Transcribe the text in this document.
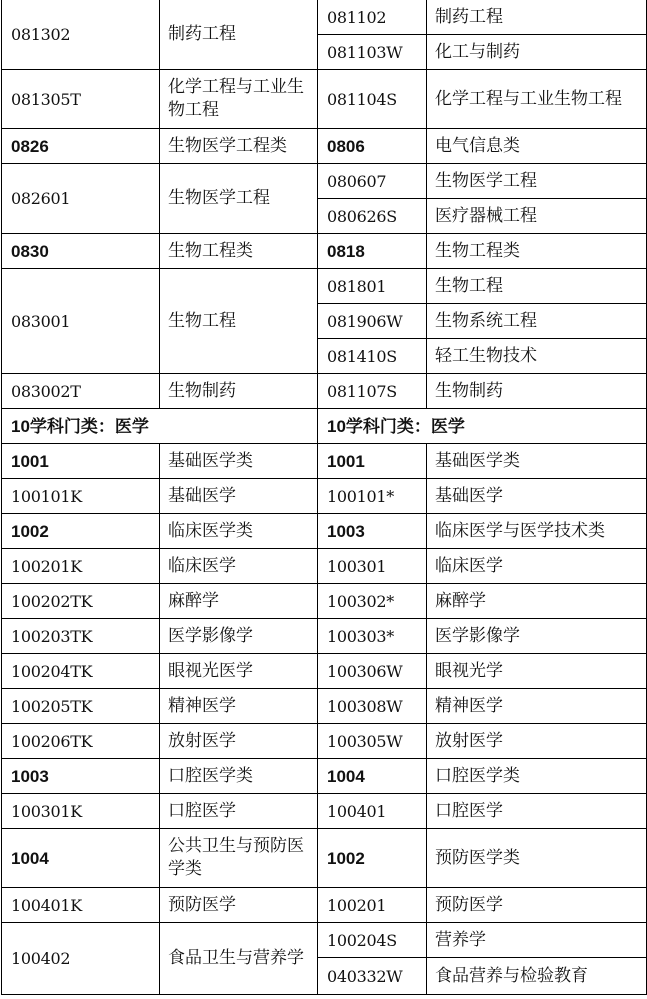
081302	制药工程	081102	制药工程
		081103W	化工与制药
081305T	化学工程与工业生物工程	081104S	化学工程与工业生物工程
0826	生物医学工程类	0806	电气信息类
082601	生物医学工程	080607	生物医学工程
		080626S	医疗器械工程
0830	生物工程类	0818	生物工程类
083001	生物工程	081801	生物工程
		081906W	生物系统工程
		081410S	轻工生物技术
083002T	生物制药	081107S	生物制药
10学科门类：医学		10学科门类：医学	
1001	基础医学类	1001	基础医学类
100101K	基础医学	100101*	基础医学
1002	临床医学类	1003	临床医学与医学技术类
100201K	临床医学	100301	临床医学
100202TK	麻醉学	100302*	麻醉学
100203TK	医学影像学	100303*	医学影像学
100204TK	眼视光医学	100306W	眼视光学
100205TK	精神医学	100308W	精神医学
100206TK	放射医学	100305W	放射医学
1003	口腔医学类	1004	口腔医学类
100301K	口腔医学	100401	口腔医学
1004	公共卫生与预防医学类	1002	预防医学类
100401K	预防医学	100201	预防医学
100402	食品卫生与营养学	100204S	营养学
		040332W	食品营养与检验教育
